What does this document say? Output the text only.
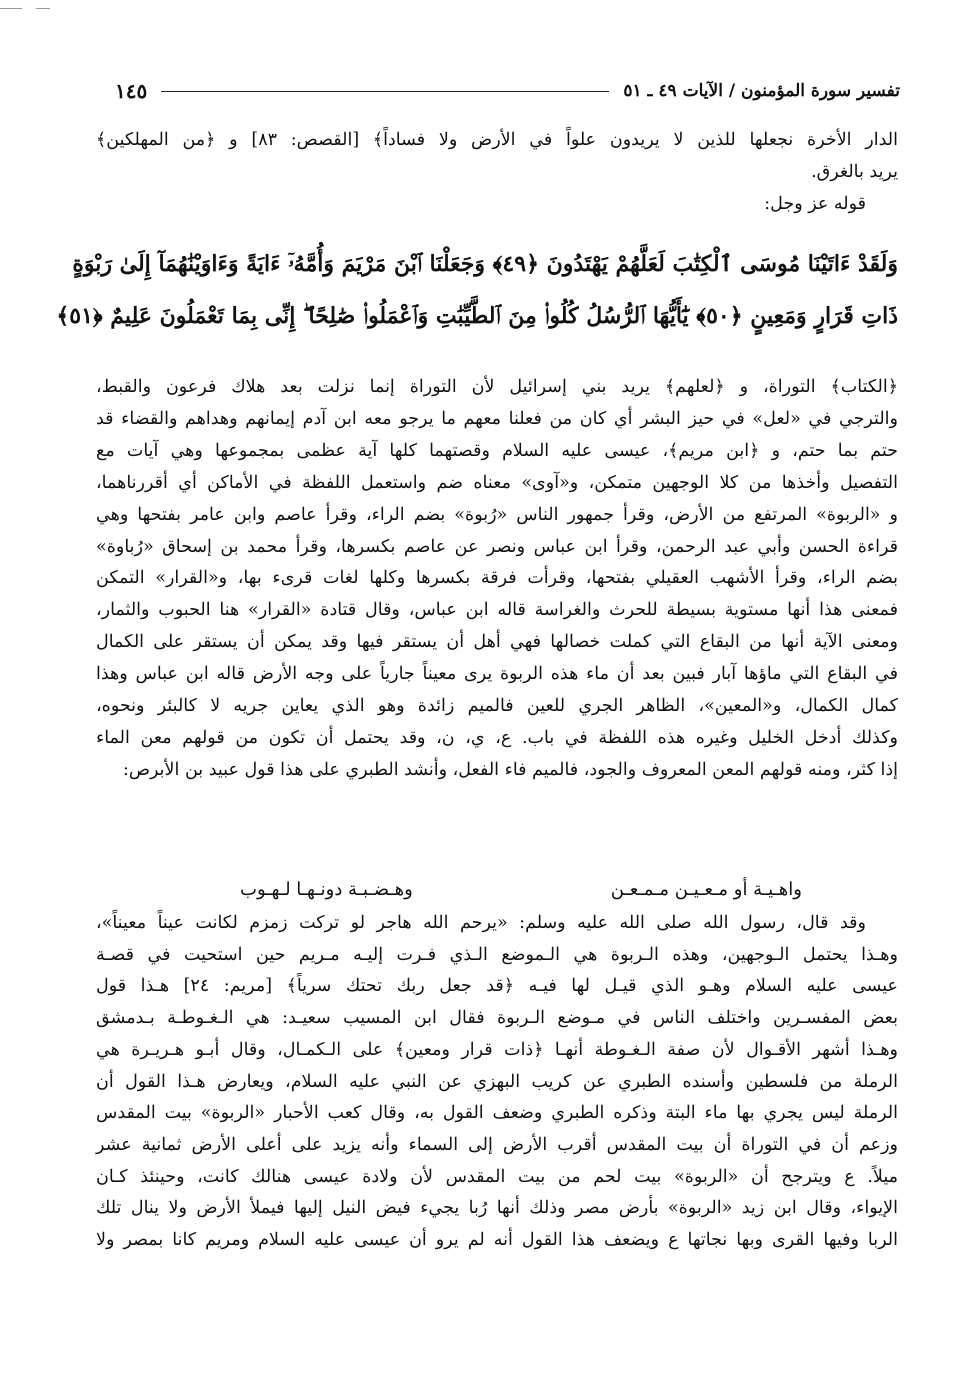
تفسير سورة المؤمنون / الآيات ٤٩ ـ ٥١
١٤٥
الدار الأخرة نجعلها للذين لا يريدون علواً في الأرض ولا فساداً﴾ [القصص: ٨٣] و ﴿من المهلكين﴾
يريد بالغرق.
قوله عز وجل:
وَلَقَدْ ءَاتَيْنَا مُوسَى ٱلْكِتَٰبَ لَعَلَّهُمْ يَهْتَدُونَ ﴿٤٩﴾ وَجَعَلْنَا ٱبْنَ مَرْيَمَ وَأُمَّهُۥٓ ءَايَةً وَءَاوَيْنَٰهُمَآ إِلَىٰ رَبْوَةٍ
ذَاتِ قَرَارٍ وَمَعِينٍ ﴿٥٠﴾ يَٰٓأَيُّهَا ٱلرُّسُلُ كُلُوا۟ مِنَ ٱلطَّيِّبَٰتِ وَٱعْمَلُوا۟ صَٰلِحًا ۖ إِنِّى بِمَا تَعْمَلُونَ عَلِيمٌ ﴿٥١﴾
﴿الكتاب﴾ التوراة، و ﴿لعلهم﴾ يريد بني إسرائيل لأن التوراة إنما نزلت بعد هلاك فرعون والقبط،
والترجي في «لعل» في حيز البشر أي كان من فعلنا معهم ما يرجو معه ابن آدم إيمانهم وهداهم والقضاء قد
حتم بما حتم، و ﴿ابن مريم﴾، عيسى عليه السلام وقصتهما كلها آية عظمى بمجموعها وهي آيات مع
التفصيل وأخذها من كلا الوجهين متمكن، و«آوى» معناه ضم واستعمل اللفظة في الأماكن أي أقررناهما،
و «الربوة» المرتفع من الأرض، وقرأ جمهور الناس «رُبوة» بضم الراء، وقرأ عاصم وابن عامر بفتحها وهي
قراءة الحسن وأبي عبد الرحمن، وقرأ ابن عباس ونصر عن عاصم بكسرها، وقرأ محمد بن إسحاق «رُباوة»
بضم الراء، وقرأ الأشهب العقيلي بفتحها، وقرأت فرقة بكسرها وكلها لغات قرىء بها، و«القرار» التمكن
فمعنى هذا أنها مستوية بسيطة للحرث والغراسة قاله ابن عباس، وقال قتادة «القرار» هنا الحبوب والثمار،
ومعنى الآية أنها من البقاع التي كملت خصالها فهي أهل أن يستقر فيها وقد يمكن أن يستقر على الكمال
في البقاع التي ماؤها آبار فبين بعد أن ماء هذه الربوة يرى معيناً جارياً على وجه الأرض قاله ابن عباس وهذا
كمال الكمال، و«المعين»، الظاهر الجري للعين فالميم زائدة وهو الذي يعاين جريه لا كالبئر ونحوه،
وكذلك أدخل الخليل وغيره هذه اللفظة في باب. ع، ي، ن، وقد يحتمل أن تكون من قولهم معن الماء
إذا كثر، ومنه قولهم المعن المعروف والجود، فالميم فاء الفعل، وأنشد الطبري على هذا قول عبيد بن الأبرص:
واهـيـة أو مـعـيـن مـمـعـن
وهـضـبـة دونـهـا لـهـوب
وقد قال، رسول الله صلى الله عليه وسلم: «يرحم الله هاجر لو تركت زمزم لكانت عيناً معيناً»،
وهـذا يحتمل الـوجهين، وهذه الـربوة هي الـموضع الـذي فـرت إليـه مـريم حين استحيت في قصـة
عيسى عليه السلام وهـو الذي قيـل لها فيـه ﴿قد جعل ربك تحتك سرياً﴾ [مريم: ٢٤] هـذا قول
بعض المفسـرين واختلف الناس في مـوضع الـربوة فقال ابن المسيب سعيـد: هي الـغـوطـة بـدمشق
وهـذا أشهر الأقـوال لأن صفة الـغـوطة أنهـا ﴿ذات قرار ومعين﴾ على الـكمـال، وقال أبـو هـريـرة هي
الرملة من فلسطين وأسنده الطبري عن كريب البهزي عن النبي عليه السلام، ويعارض هـذا القول أن
الرملة ليس يجري بها ماء البتة وذكره الطبري وضعف القول به، وقال كعب الأحبار «الربوة» بيت المقدس
وزعم أن في التوراة أن بيت المقدس أقرب الأرض إلى السماء وأنه يزيد على أعلى الأرض ثمانية عشر
ميلاً. ع ويترجح أن «الربوة» بيت لحم من بيت المقدس لأن ولادة عيسى هنالك كانت، وحينئذ كـان
الإيواء، وقال ابن زيد «الربوة» بأرض مصر وذلك أنها رُبا يجيء فيض النيل إليها فيملأ الأرض ولا ينال تلك
الربا وفيها القرى وبها نجاتها ع ويضعف هذا القول أنه لم يرو أن عيسى عليه السلام ومريم كانا بمصر ولا
